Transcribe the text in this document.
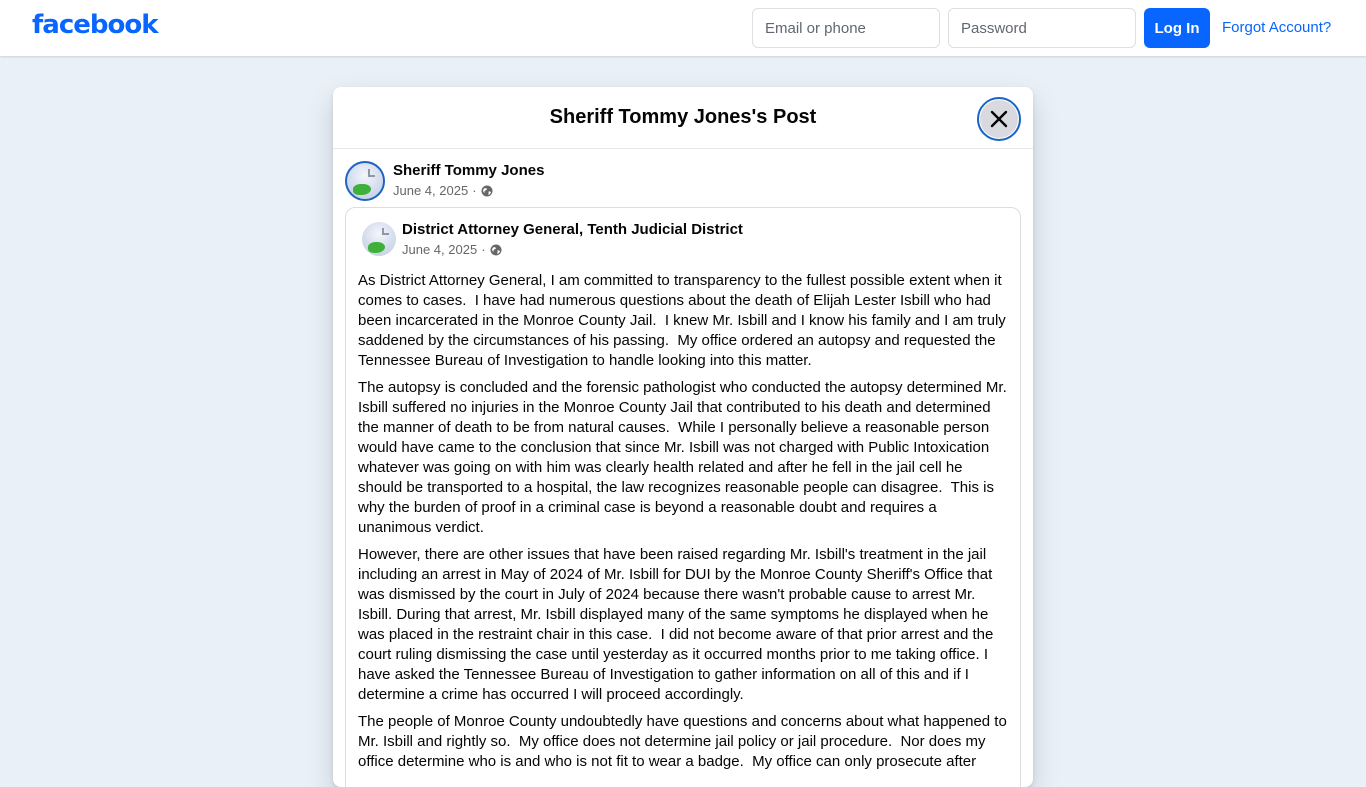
facebook
Email or phone	Log In	Forgot Account?
Sheriff Tommy Jones's Post
Sheriff Tommy Jones
June 4, 2025 ·
District Attorney General, Tenth Judicial District
June 4, 2025 ·

As District Attorney General, I am committed to transparency to the fullest possible extent when it comes to cases.  I have had numerous questions about the death of Elijah Lester Isbill who had been incarcerated in the Monroe County Jail.  I knew Mr. Isbill and I know his family and I am truly saddened by the circumstances of his passing.  My office ordered an autopsy and requested the Tennessee Bureau of Investigation to handle looking into this matter.

The autopsy is concluded and the forensic pathologist who conducted the autopsy determined Mr. Isbill suffered no injuries in the Monroe County Jail that contributed to his death and determined the manner of death to be from natural causes.  While I personally believe a reasonable person would have came to the conclusion that since Mr. Isbill was not charged with Public Intoxication whatever was going on with him was clearly health related and after he fell in the jail cell he should be transported to a hospital, the law recognizes reasonable people can disagree.  This is why the burden of proof in a criminal case is beyond a reasonable doubt and requires a unanimous verdict.

However, there are other issues that have been raised regarding Mr. Isbill's treatment in the jail including an arrest in May of 2024 of Mr. Isbill for DUI by the Monroe County Sheriff's Office that was dismissed by the court in July of 2024 because there wasn't probable cause to arrest Mr. Isbill. During that arrest, Mr. Isbill displayed many of the same symptoms he displayed when he was placed in the restraint chair in this case.  I did not become aware of that prior arrest and the court ruling dismissing the case until yesterday as it occurred months prior to me taking office. I have asked the Tennessee Bureau of Investigation to gather information on all of this and if I determine a crime has occurred I will proceed accordingly.

The people of Monroe County undoubtedly have questions and concerns about what happened to Mr. Isbill and rightly so.  My office does not determine jail policy or jail procedure.  Nor does my office determine who is and who is not fit to wear a badge.  My office can only prosecute after
